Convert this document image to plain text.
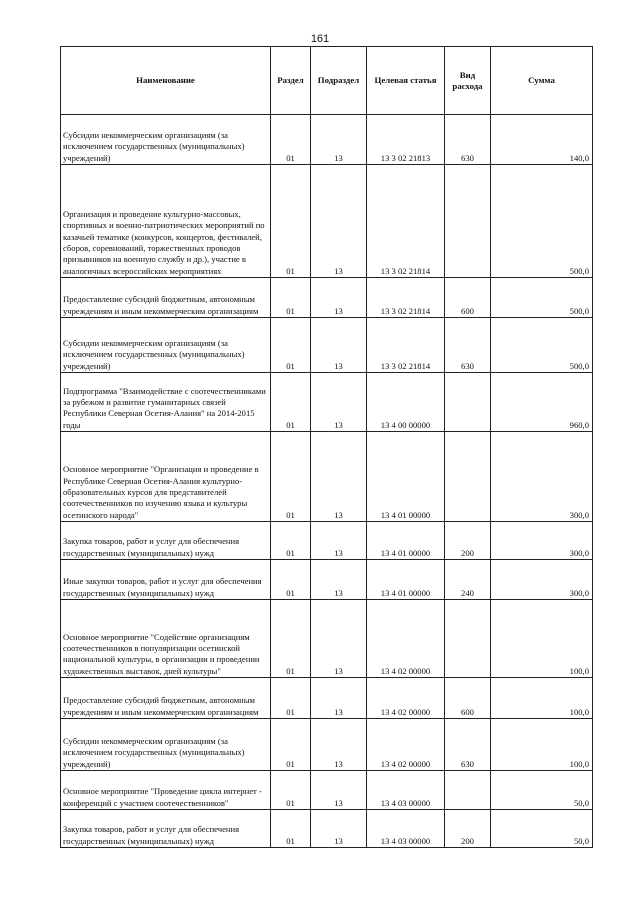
161
Наименование	Раздел	Подраздел	Целевая статья	Вид расхода	Сумма
Субсидии некоммерческим организациям (за исключением государственных (муниципальных) учреждений)	01	13	13 3 02 21813	630	140,0
Организация и проведение культурно-массовых, спортивных и военно-патриотических мероприятий по казачьей тематике (конкурсов, концертов, фестивалей, сборов, соревнований, торжественных проводов призывников на военную службу и др.), участие в аналогичных всероссийских мероприятиях	01	13	13 3 02 21814		500,0
Предоставление субсидий бюджетным, автономным учреждениям и иным некоммерческим организациям	01	13	13 3 02 21814	600	500,0
Субсидии некоммерческим организациям (за исключением государственных (муниципальных) учреждений)	01	13	13 3 02 21814	630	500,0
Подпрограмма "Взаимодействие с соотечественниками за рубежом и развитие гуманитарных связей Республики Северная Осетия-Алания" на 2014-2015 годы	01	13	13 4 00 00000		960,0
Основное мероприятие "Организация и проведение в Республике Северная Осетия-Алания культурно-образовательных курсов для представителей соотечественников по изучению языка и культуры осетинского народа"	01	13	13 4 01 00000		300,0
Закупка товаров, работ и услуг для обеспечения государственных (муниципальных) нужд	01	13	13 4 01 00000	200	300,0
Иные закупки товаров, работ и услуг для обеспечения государственных (муниципальных) нужд	01	13	13 4 01 00000	240	300,0
Основное мероприятие "Содействие организациям соотечественников в популяризации осетинской национальной культуры, в организации и проведении художественных выставок, дней культуры"	01	13	13 4 02 00000		100,0
Предоставление субсидий бюджетным, автономным учреждениям и иным некоммерческим организациям	01	13	13 4 02 00000	600	100,0
Субсидии некоммерческим организациям (за исключением государственных (муниципальных) учреждений)	01	13	13 4 02 00000	630	100,0
Основное мероприятие "Проведение цикла интернет - конференций с участием соотечественников"	01	13	13 4 03 00000		50,0
Закупка товаров, работ и услуг для обеспечения государственных (муниципальных) нужд	01	13	13 4 03 00000	200	50,0
